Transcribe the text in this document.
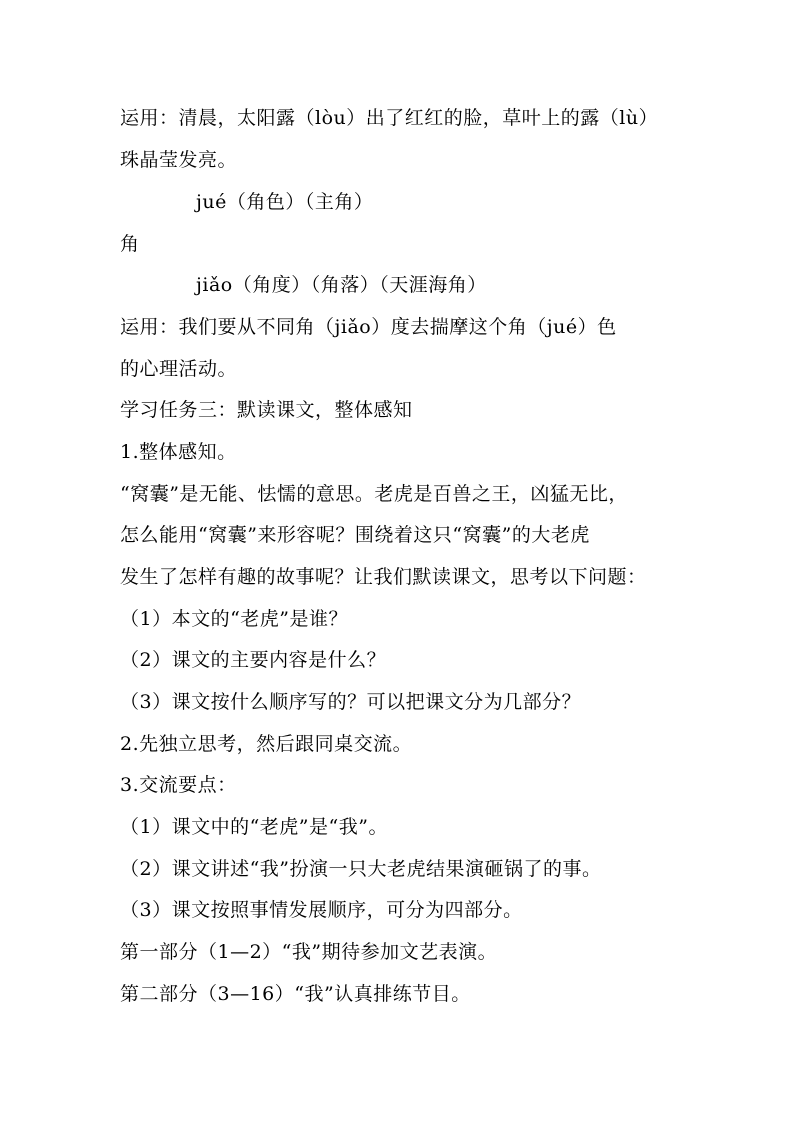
运用：清晨，太阳露（lòu）出了红红的脸，草叶上的露（lù）
珠晶莹发亮。
jué（角色）（主角）
角
jiǎo（角度）（角落）（天涯海角）
运用：我们要从不同角（jiǎo）度去揣摩这个角（jué）色
的心理活动。
学习任务三：默读课文，整体感知
1.整体感知。
“窝囊”是无能、怯懦的意思。老虎是百兽之王，凶猛无比，
怎么能用“窝囊”来形容呢？围绕着这只“窝囊”的大老虎
发生了怎样有趣的故事呢？让我们默读课文，思考以下问题：
（1）本文的“老虎”是谁？
（2）课文的主要内容是什么？
（3）课文按什么顺序写的？可以把课文分为几部分？
2.先独立思考，然后跟同桌交流。
3.交流要点：
（1）课文中的“老虎”是“我”。
（2）课文讲述“我”扮演一只大老虎结果演砸锅了的事。
（3）课文按照事情发展顺序，可分为四部分。
第一部分（1—2）“我”期待参加文艺表演。
第二部分（3—16）“我”认真排练节目。
